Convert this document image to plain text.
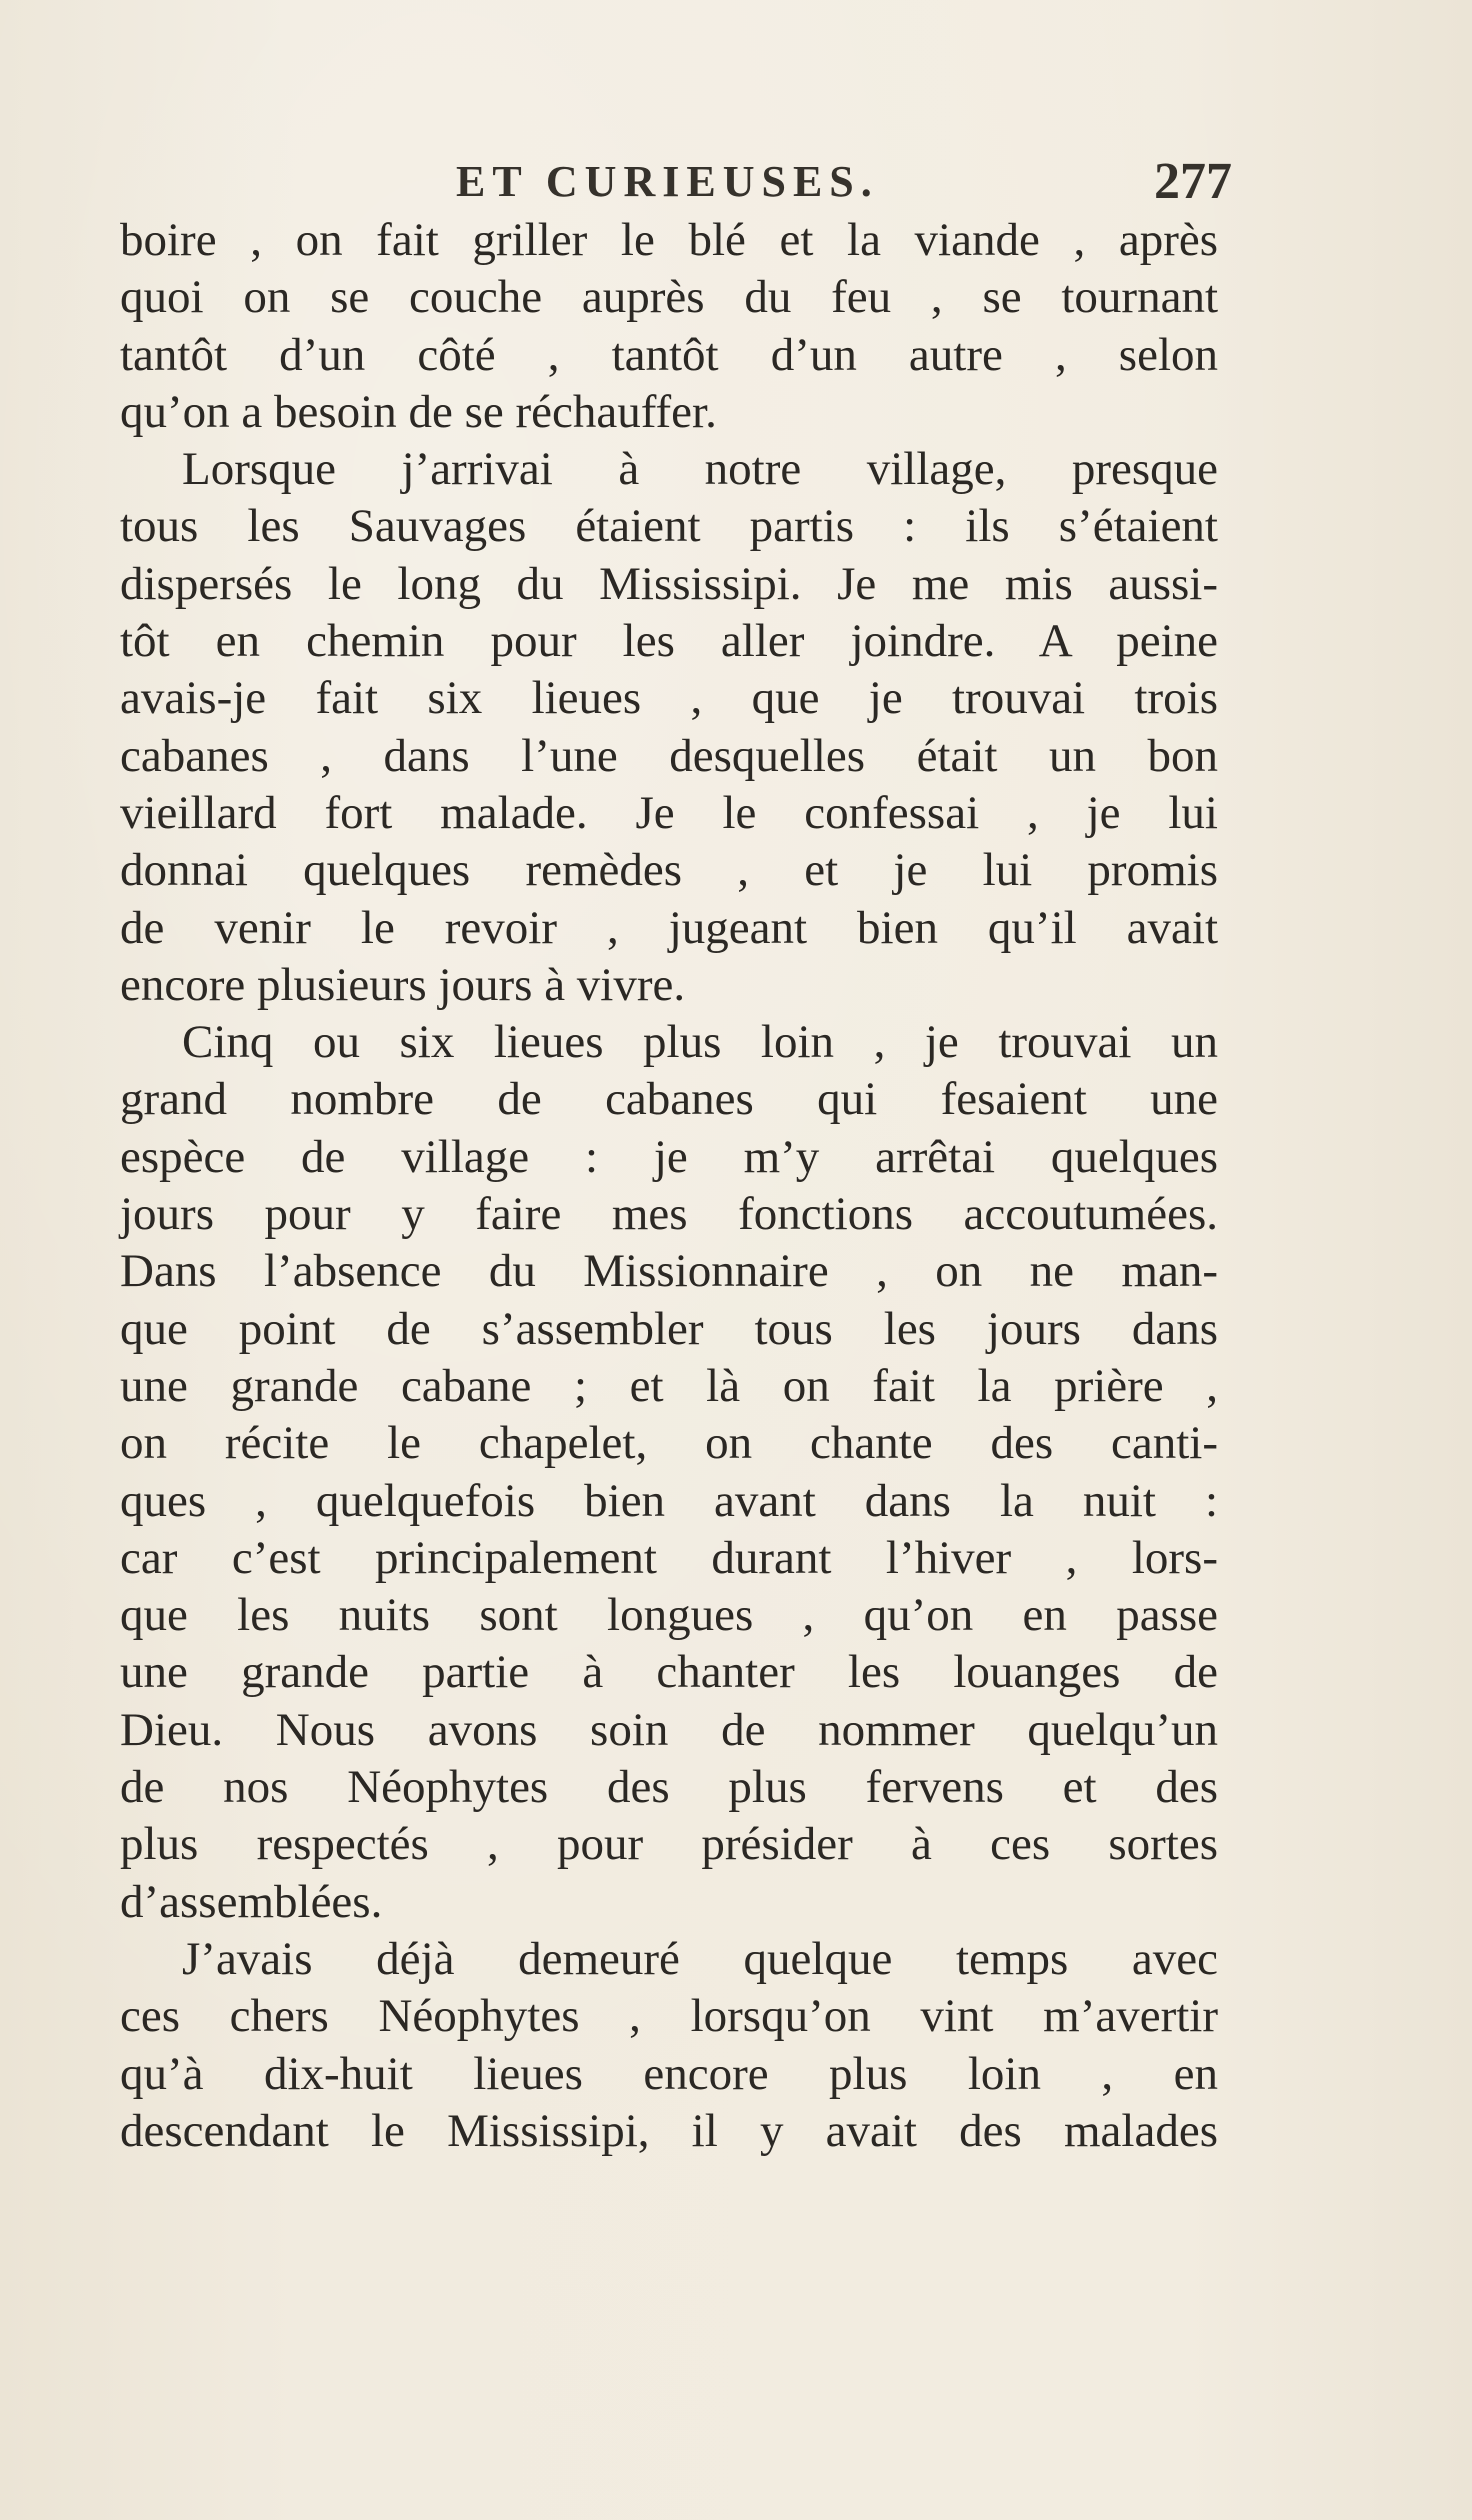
ET CURIEUSES.	277
boire , on fait griller le blé et la viande , après
quoi on se couche auprès du feu , se tournant
tantôt d’un côté , tantôt d’un autre , selon
qu’on a besoin de se réchauffer.
Lorsque j’arrivai à notre village, presque
tous les Sauvages étaient partis : ils s’étaient
dispersés le long du Mississipi. Je me mis aussi-
tôt en chemin pour les aller joindre. A peine
avais-je fait six lieues , que je trouvai trois
cabanes , dans l’une desquelles était un bon
vieillard fort malade. Je le confessai , je lui
donnai quelques remèdes , et je lui promis
de venir le revoir , jugeant bien qu’il avait
encore plusieurs jours à vivre.
Cinq ou six lieues plus loin , je trouvai un
grand nombre de cabanes qui fesaient une
espèce de village : je m’y arrêtai quelques
jours pour y faire mes fonctions accoutumées.
Dans l’absence du Missionnaire , on ne man-
que point de s’assembler tous les jours dans
une grande cabane ; et là on fait la prière ,
on récite le chapelet, on chante des canti-
ques , quelquefois bien avant dans la nuit :
car c’est principalement durant l’hiver , lors-
que les nuits sont longues , qu’on en passe
une grande partie à chanter les louanges de
Dieu. Nous avons soin de nommer quelqu’un
de nos Néophytes des plus fervens et des
plus respectés , pour présider à ces sortes
d’assemblées.
J’avais déjà demeuré quelque temps avec
ces chers Néophytes , lorsqu’on vint m’avertir
qu’à dix-huit lieues encore plus loin , en
descendant le Mississipi, il y avait des malades
